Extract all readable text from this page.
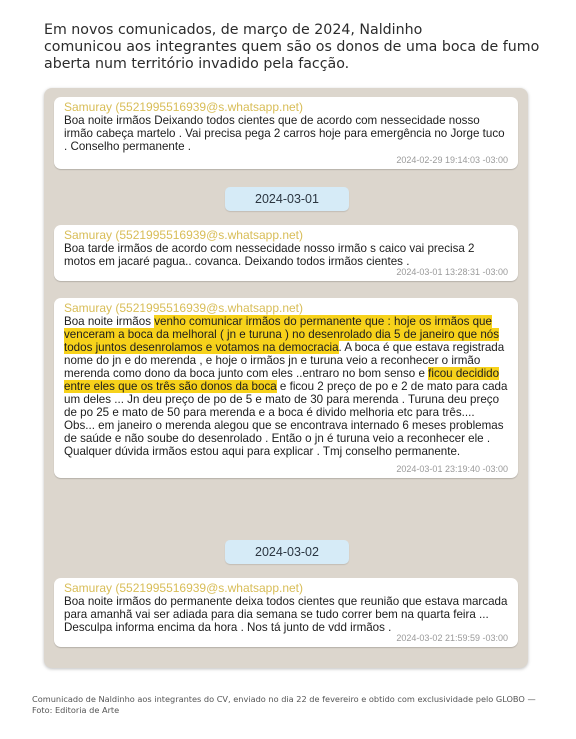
Em novos comunicados, de março de 2024, Naldinho
comunicou aos integrantes quem são os donos de uma boca de fumo
aberta num território invadido pela facção.
Samuray (5521995516939@s.whatsapp.net)
Boa noite irmãos Deixando todos cientes que de acordo com nessecidade nosso irmão cabeça martelo . Vai precisa pega 2 carros hoje para emergência no Jorge tuco . Conselho permanente .
2024-02-29 19:14:03 -03:00
2024-03-01
Samuray (5521995516939@s.whatsapp.net)
Boa tarde irmãos de acordo com nessecidade nosso irmão s caico vai precisa 2 motos em jacaré pagua.. covanca. Deixando todos irmãos cientes .
2024-03-01 13:28:31 -03:00
Samuray (5521995516939@s.whatsapp.net)
Boa noite irmãos venho comunicar irmãos do permanente que : hoje os irmãos que venceram a boca da melhoral ( jn e turuna ) no desenrolado dia 5 de janeiro que nós todos juntos desenrolamos e votamos na democracia. A boca é que estava registrada nome do jn e do merenda , e hoje o irmãos jn e turuna veio a reconhecer o irmão merenda como dono da boca junto com eles ..entraro no bom senso e ficou decidido entre eles que os três são donos da boca e ficou 2 preço de po e 2 de mato para cada um deles ... Jn deu preço de po de 5 e mato de 30 para merenda . Turuna deu preço de po 25 e mato de 50 para merenda e a boca é divido melhoria etc para três.... Obs... em janeiro o merenda alegou que se encontrava internado 6 meses problemas de saúde e não soube do desenrolado . Então o jn é turuna veio a reconhecer ele . Qualquer dúvida irmãos estou aqui para explicar . Tmj conselho permanente.
2024-03-01 23:19:40 -03:00
2024-03-02
Samuray (5521995516939@s.whatsapp.net)
Boa noite irmãos do permanente deixa todos cientes que reunião que estava marcada para amanhã vai ser adiada para dia semana se tudo correr bem na quarta feira ... Desculpa informa encima da hora . Nos tá junto de vdd irmãos .
2024-03-02 21:59:59 -03:00
Comunicado de Naldinho aos integrantes do CV, enviado no dia 22 de fevereiro e obtido com exclusividade pelo GLOBO — Foto: Editoria de Arte
